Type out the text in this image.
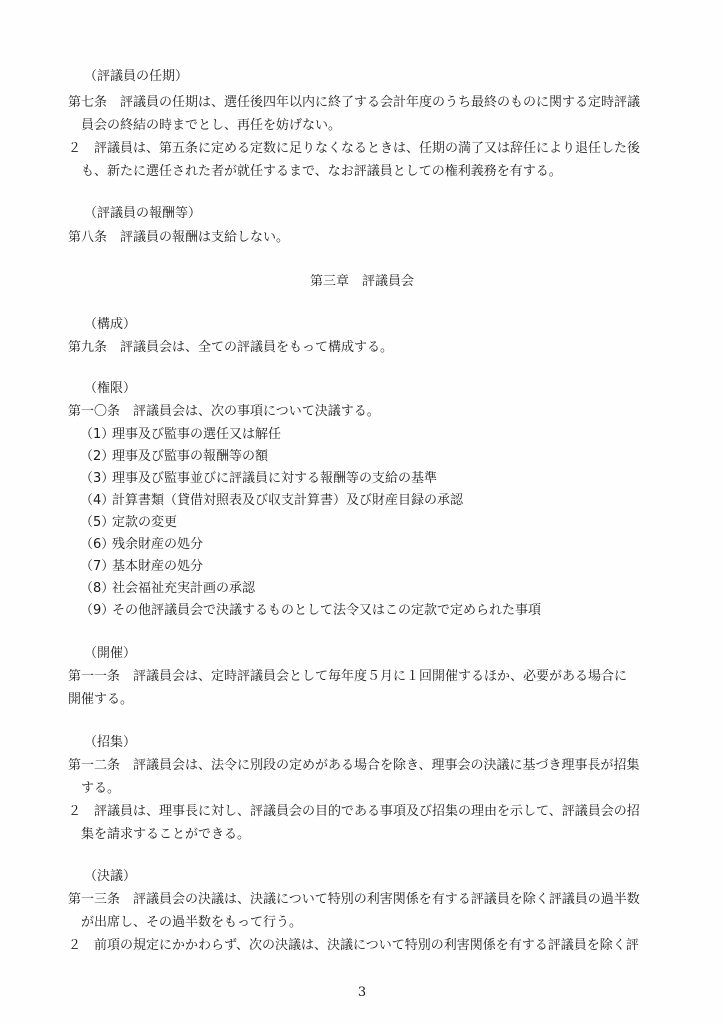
（評議員の任期）
第七条　評議員の任期は、選任後四年以内に終了する会計年度のうち最終のものに関する定時評議
員会の終結の時までとし、再任を妨げない。
２　評議員は、第五条に定める定数に足りなくなるときは、任期の満了又は辞任により退任した後
も、新たに選任された者が就任するまで、なお評議員としての権利義務を有する。
（評議員の報酬等）
第八条　評議員の報酬は支給しない。
第三章　評議員会
（構成）
第九条　評議員会は、全ての評議員をもって構成する。
（権限）
第一〇条　評議員会は、次の事項について決議する。
（1）理事及び監事の選任又は解任
（2）理事及び監事の報酬等の額
（3）理事及び監事並びに評議員に対する報酬等の支給の基準
（4）計算書類（貸借対照表及び収支計算書）及び財産目録の承認
（5）定款の変更
（6）残余財産の処分
（7）基本財産の処分
（8）社会福祉充実計画の承認
（9）その他評議員会で決議するものとして法令又はこの定款で定められた事項
（開催）
第一一条　評議員会は、定時評議員会として毎年度５月に１回開催するほか、必要がある場合に
開催する。
（招集）
第一二条　評議員会は、法令に別段の定めがある場合を除き、理事会の決議に基づき理事長が招集
する。
２　評議員は、理事長に対し、評議員会の目的である事項及び招集の理由を示して、評議員会の招
集を請求することができる。
（決議）
第一三条　評議員会の決議は、決議について特別の利害関係を有する評議員を除く評議員の過半数
が出席し、その過半数をもって行う。
２　前項の規定にかかわらず、次の決議は、決議について特別の利害関係を有する評議員を除く評
3
